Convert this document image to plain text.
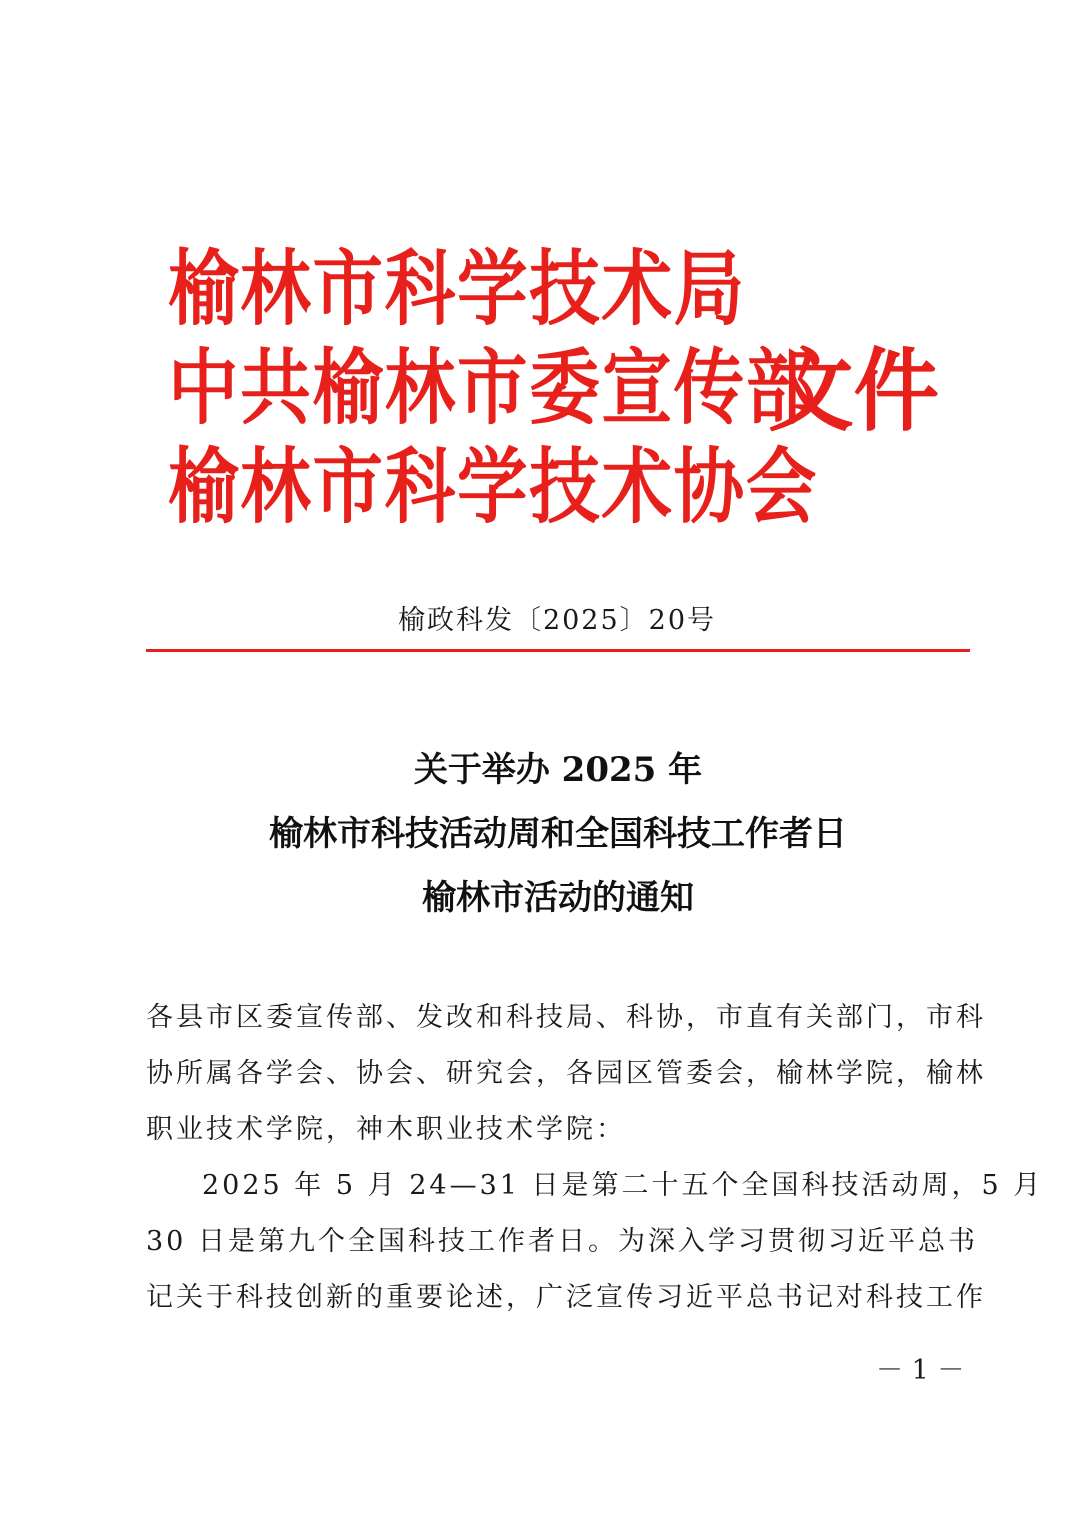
榆林市科学技术局
中共榆林市委宣传部
榆林市科学技术协会
文件
榆政科发〔2025〕20号
关于举办 2025 年
榆林市科技活动周和全国科技工作者日
榆林市活动的通知
各县市区委宣传部、发改和科技局、科协，市直有关部门，市科
协所属各学会、协会、研究会，各园区管委会，榆林学院，榆林
职业技术学院，神木职业技术学院：
2025 年 5 月 24—31 日是第二十五个全国科技活动周，5 月
30 日是第九个全国科技工作者日。为深入学习贯彻习近平总书
记关于科技创新的重要论述，广泛宣传习近平总书记对科技工作
－ 1 －
